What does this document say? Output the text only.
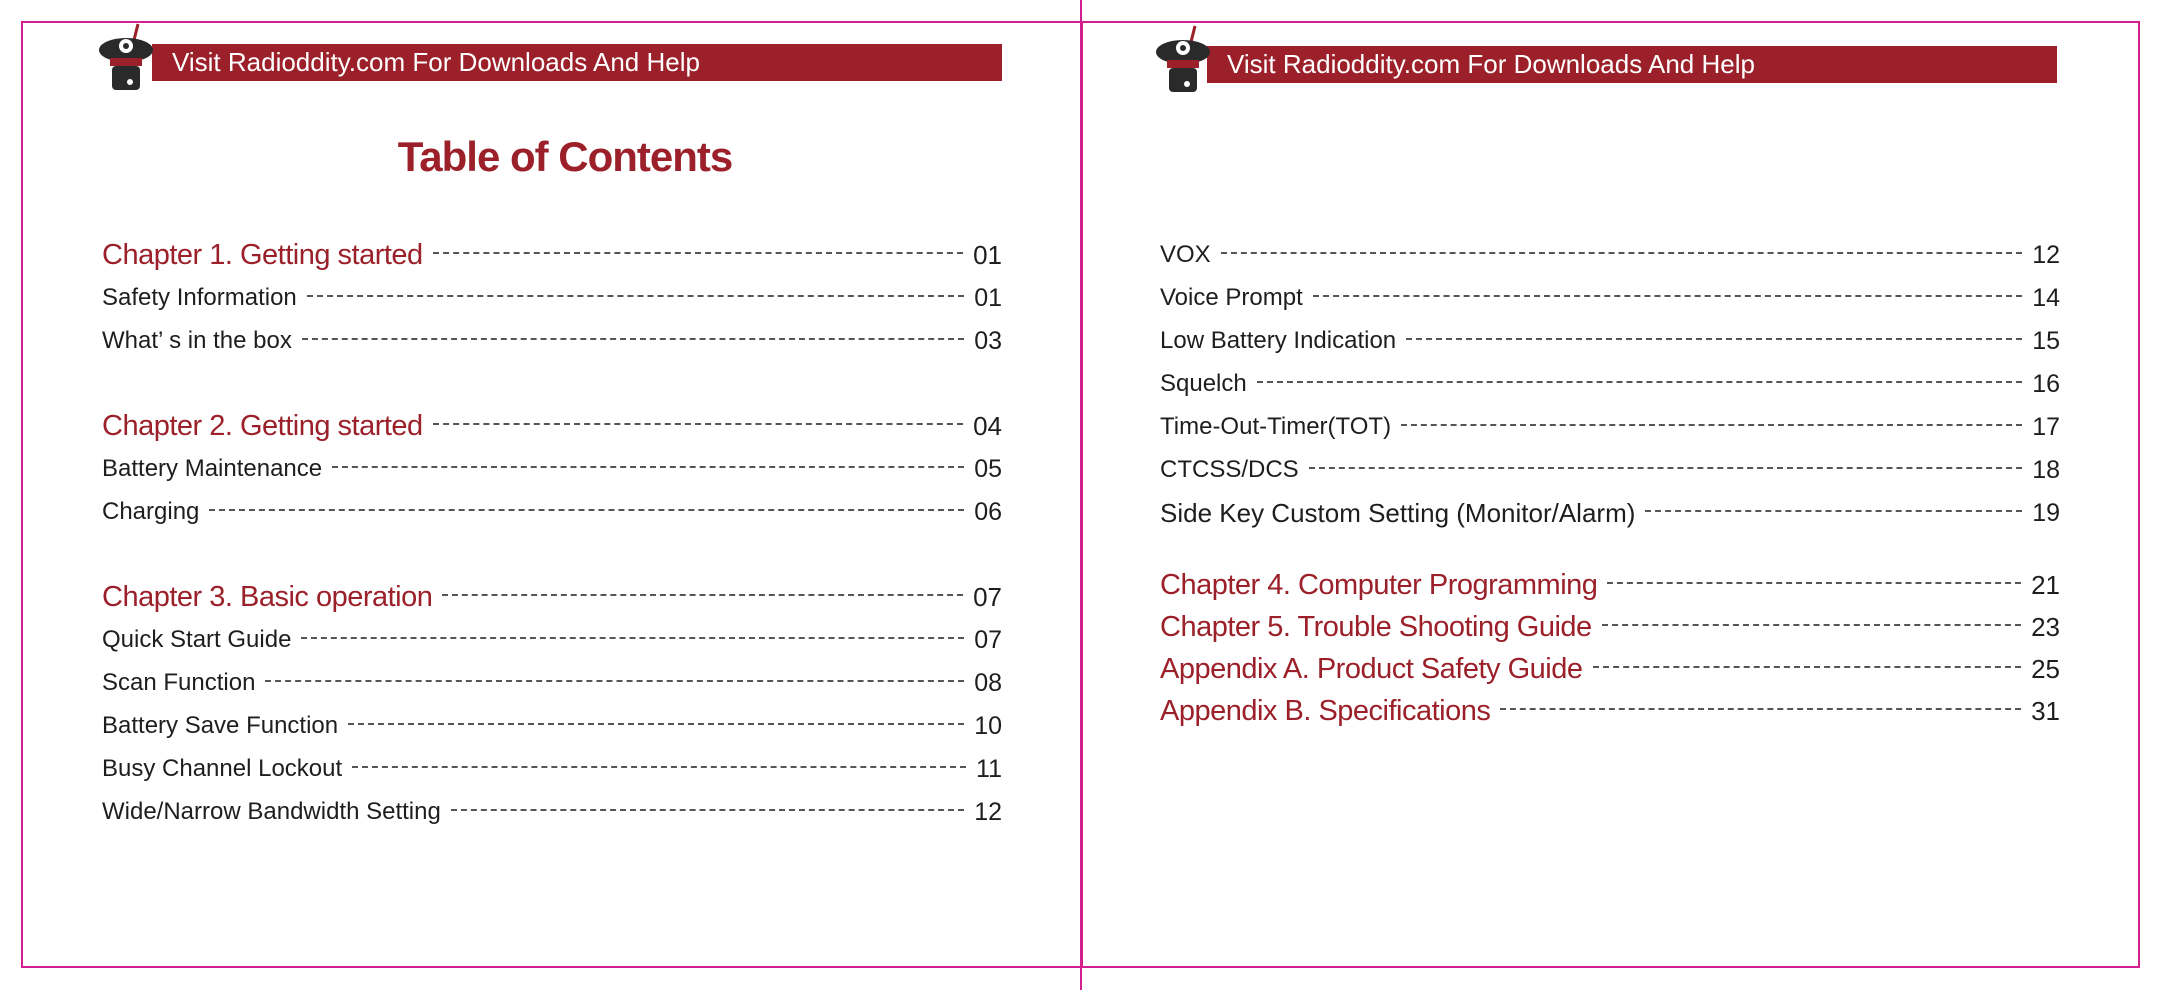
Visit Radioddity.com For Downloads And Help	Visit Radioddity.com For Downloads And Help
Table of Contents
Chapter 1. Getting started	01
Safety Information	01
What’ s in the box	03
Chapter 2. Getting started	04
Battery Maintenance	05
Charging	06
Chapter 3. Basic operation	07
Quick Start Guide	07
Scan Function	08
Battery Save Function	10
Busy Channel Lockout	11
Wide/Narrow Bandwidth Setting	12
VOX	12
Voice Prompt	14
Low Battery Indication	15
Squelch	16
Time-Out-Timer(TOT)	17
CTCSS/DCS	18
Side Key Custom Setting (Monitor/Alarm)	19
Chapter 4. Computer Programming	21
Chapter 5. Trouble Shooting Guide	23
Appendix A. Product Safety Guide	25
Appendix B. Specifications	31
